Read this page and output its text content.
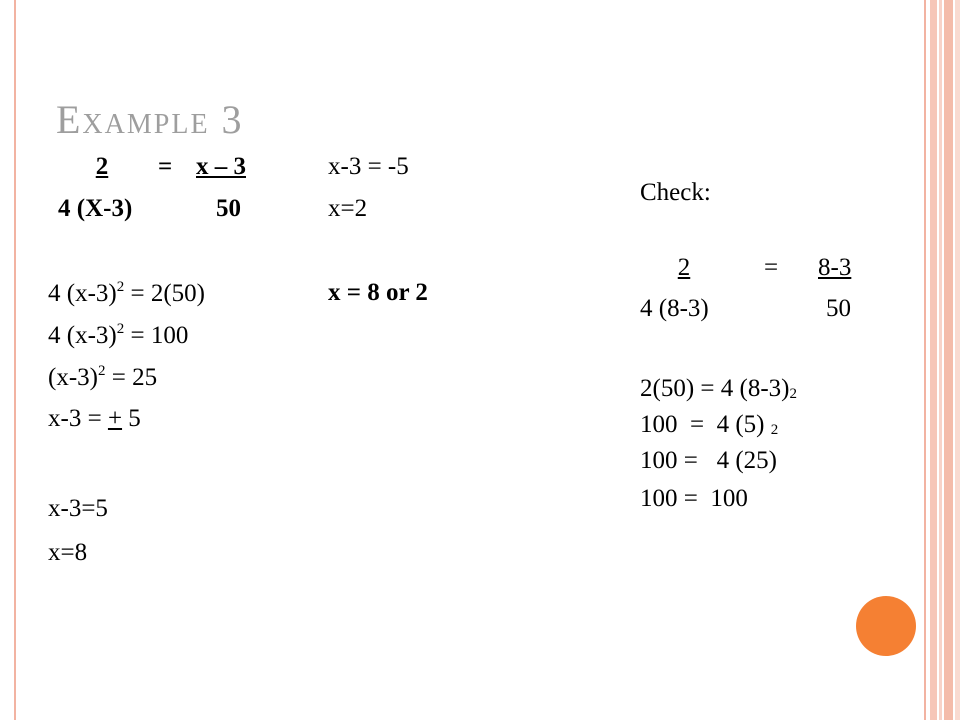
Example 3
2	= x – 3
4 (X-3)	50
4 $(x-3)^2 = 2(50)$
4 $(x-3)^2 = 100$
$(x-3)^2 = 25$
x-3 = + 5
x-3=5
x=8
x-3 = -5
x=2
x = 8 or 2
Check:
2	= 8-3
4 (8-3)	50
2(50) = 4 (8-3)2
100  =  4 (5) 2
100 =   4 (25)
100 =  100
